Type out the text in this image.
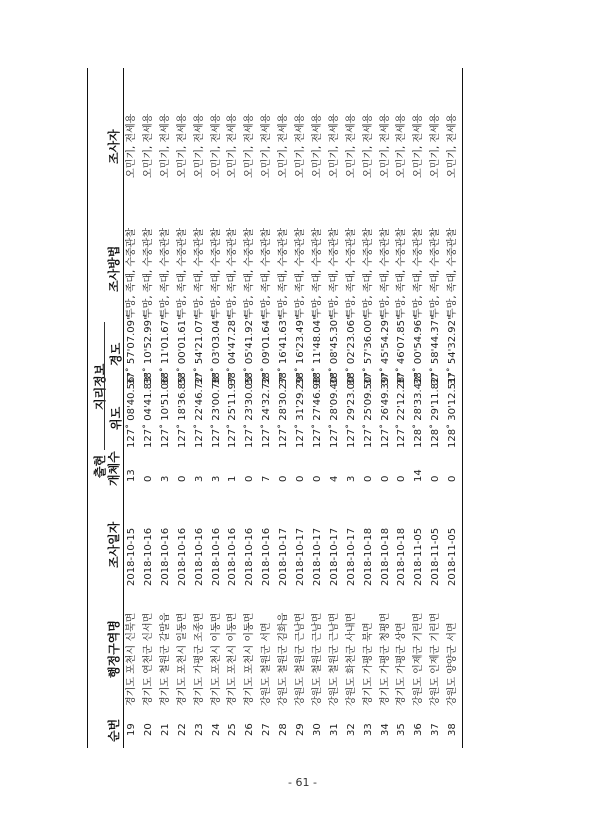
순번
행정구역명
조사일자
출현 개체수
지리정보
위도
경도
조사방법
조사자
19
경기도 포천시 신북면
2018-10-15
13
127˚ 08'40.56"
37˚ 57'07.09"
투망, 족대, 수중관찰
오민기, 전세용
20
경기도 연천군 신서면
2018-10-16
0
127˚ 04'41.83"
38˚ 10'52.99"
투망, 족대, 수중관찰
오민기, 전세용
21
경기도 철원군 갈말읍
2018-10-16
3
127˚ 10'51.06"
38˚ 11'01.67"
투망, 족대, 수중관찰
오민기, 전세용
22
경기도 포천시 일동면
2018-10-16
0
127˚ 18'36.85"
38˚ 00'01.61"
투망, 족대, 수중관찰
오민기, 전세용
23
경기도 가평군 조종면
2018-10-16
3
127˚ 22'46.72"
37˚ 54'21.07"
투망, 족대, 수중관찰
오민기, 전세용
24
경기도 포천시 이동면
2018-10-16
3
127˚ 23'00.78"
38˚ 03'03.04"
투망, 족대, 수중관찰
오민기, 전세용
25
경기도 포천시 이동면
2018-10-16
1
127˚ 25'11.97"
38˚ 04'47.28"
투망, 족대, 수중관찰
오민기, 전세용
26
경기도 포천시 이동면
2018-10-16
0
127˚ 23'30.05"
38˚ 05'41.92"
투망, 족대, 수중관찰
오민기, 전세용
27
강원도 철원군 서면
2018-10-16
7
127˚ 24'32.72"
38˚ 09'01.64"
투망, 족대, 수중관찰
오민기, 전세용
28
강원도 철원군 김화읍
2018-10-17
0
127˚ 28'30.27"
38˚ 16'41.63"
투망, 족대, 수중관찰
오민기, 전세용
29
강원도 철원군 근남면
2018-10-17
0
127˚ 31'29.29"
38˚ 16'23.49"
투망, 족대, 수중관찰
오민기, 전세용
30
강원도 철원군 근남면
2018-10-17
0
127˚ 27'46.98"
38˚ 11'48.04"
투망, 족대, 수중관찰
오민기, 전세용
31
강원도 철원군 근남면
2018-10-17
4
127˚ 28'09.40"
38˚ 08'45.30"
투망, 족대, 수중관찰
오민기, 전세용
32
강원도 화천군 사내면
2018-10-17
3
127˚ 29'23.00"
38˚ 02'23.06"
투망, 족대, 수중관찰
오민기, 전세용
33
경기도 가평군 북면
2018-10-18
0
127˚ 25'09.50"
37˚ 57'36.00"
투망, 족대, 수중관찰
오민기, 전세용
34
경기도 가평군 청평면
2018-10-18
0
127˚ 26'49.39"
37˚ 45'54.29"
투망, 족대, 수중관찰
오민기, 전세용
35
경기도 가평군 상면
2018-10-18
0
127˚ 22'12.28"
37˚ 46'07.85"
투망, 족대, 수중관찰
오민기, 전세용
36
강원도 인제군 기린면
2018-11-05
14
128˚ 28'33.42"
38˚ 00'54.96"
투망, 족대, 수중관찰
오민기, 전세용
37
강원도 인제군 기린면
2018-11-05
0
128˚ 29'11.82"
37˚ 58'44.37"
투망, 족대, 수중관찰
오민기, 전세용
38
강원도 양양군 서면
2018-11-05
0
128˚ 30'12.51"
37˚ 54'32.92"
투망, 족대, 수중관찰
오민기, 전세용
- 61 -
